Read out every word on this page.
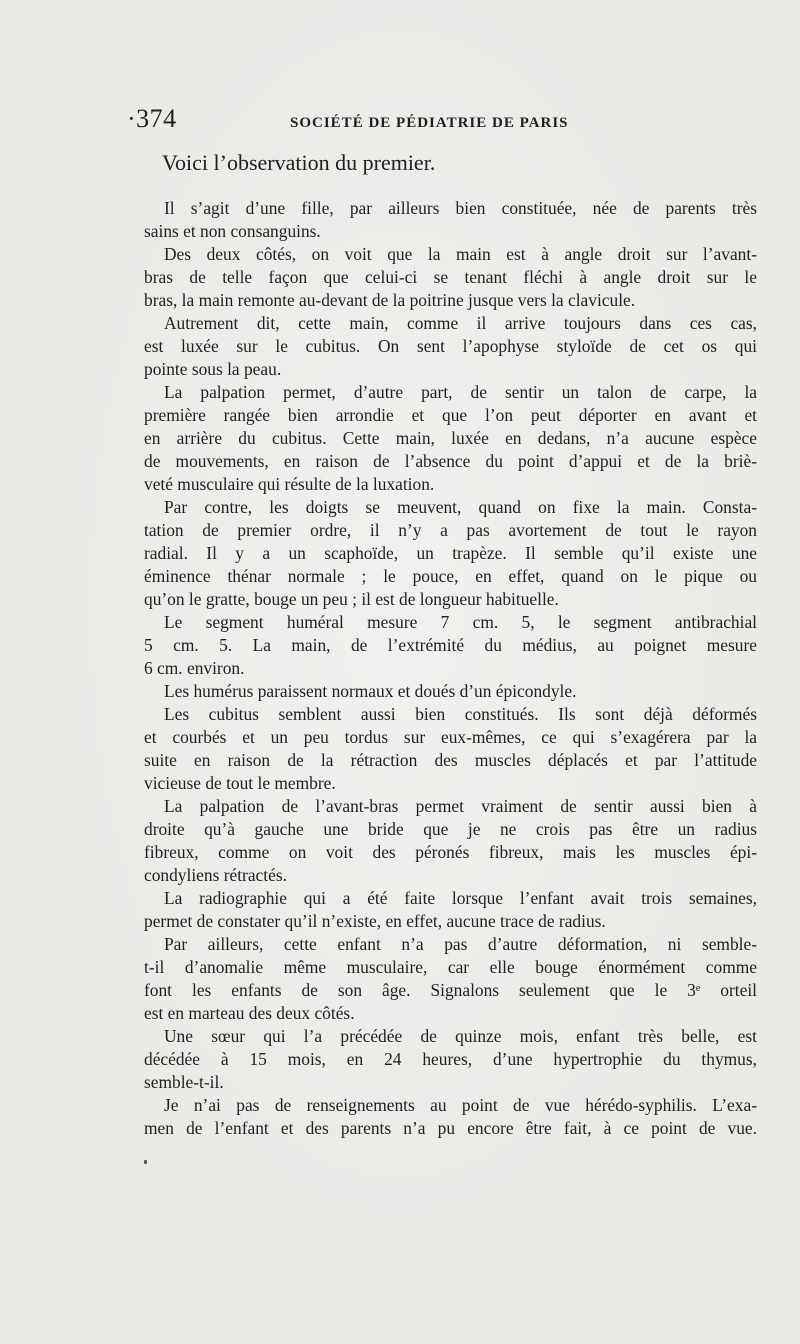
·374	SOCIÉTÉ DE PÉDIATRIE DE PARIS
Voici l’observation du premier.
Il s’agit d’une fille, par ailleurs bien constituée, née de parents très
sains et non consanguins.
Des deux côtés, on voit que la main est à angle droit sur l’avant-
bras de telle façon que celui-ci se tenant fléchi à angle droit sur le
bras, la main remonte au-devant de la poitrine jusque vers la clavicule.
Autrement dit, cette main, comme il arrive toujours dans ces cas,
est luxée sur le cubitus. On sent l’apophyse styloïde de cet os qui
pointe sous la peau.
La palpation permet, d’autre part, de sentir un talon de carpe, la
première rangée bien arrondie et que l’on peut déporter en avant et
en arrière du cubitus. Cette main, luxée en dedans, n’a aucune espèce
de mouvements, en raison de l’absence du point d’appui et de la briè-
veté musculaire qui résulte de la luxation.
Par contre, les doigts se meuvent, quand on fixe la main. Consta-
tation de premier ordre, il n’y a pas avortement de tout le rayon
radial. Il y a un scaphoïde, un trapèze. Il semble qu’il existe une
éminence thénar normale ; le pouce, en effet, quand on le pique ou
qu’on le gratte, bouge un peu ; il est de longueur habituelle.
Le segment huméral mesure 7 cm. 5, le segment antibrachial
5 cm. 5. La main, de l’extrémité du médius, au poignet mesure
6 cm. environ.
Les humérus paraissent normaux et doués d’un épicondyle.
Les cubitus semblent aussi bien constitués. Ils sont déjà déformés
et courbés et un peu tordus sur eux-mêmes, ce qui s’exagérera par la
suite en raison de la rétraction des muscles déplacés et par l’attitude
vicieuse de tout le membre.
La palpation de l’avant-bras permet vraiment de sentir aussi bien à
droite qu’à gauche une bride que je ne crois pas être un radius
fibreux, comme on voit des péronés fibreux, mais les muscles épi-
condyliens rétractés.
La radiographie qui a été faite lorsque l’enfant avait trois semaines,
permet de constater qu’il n’existe, en effet, aucune trace de radius.
Par ailleurs, cette enfant n’a pas d’autre déformation, ni semble-
t-il d’anomalie même musculaire, car elle bouge énormément comme
font les enfants de son âge. Signalons seulement que le 3ᵉ orteil
est en marteau des deux côtés.
Une sœur qui l’a précédée de quinze mois, enfant très belle, est
décédée à 15 mois, en 24 heures, d’une hypertrophie du thymus,
semble-t-il.
Je n’ai pas de renseignements au point de vue hérédo-syphilis. L’exa-
men de l’enfant et des parents n’a pu encore être fait, à ce point de vue.
